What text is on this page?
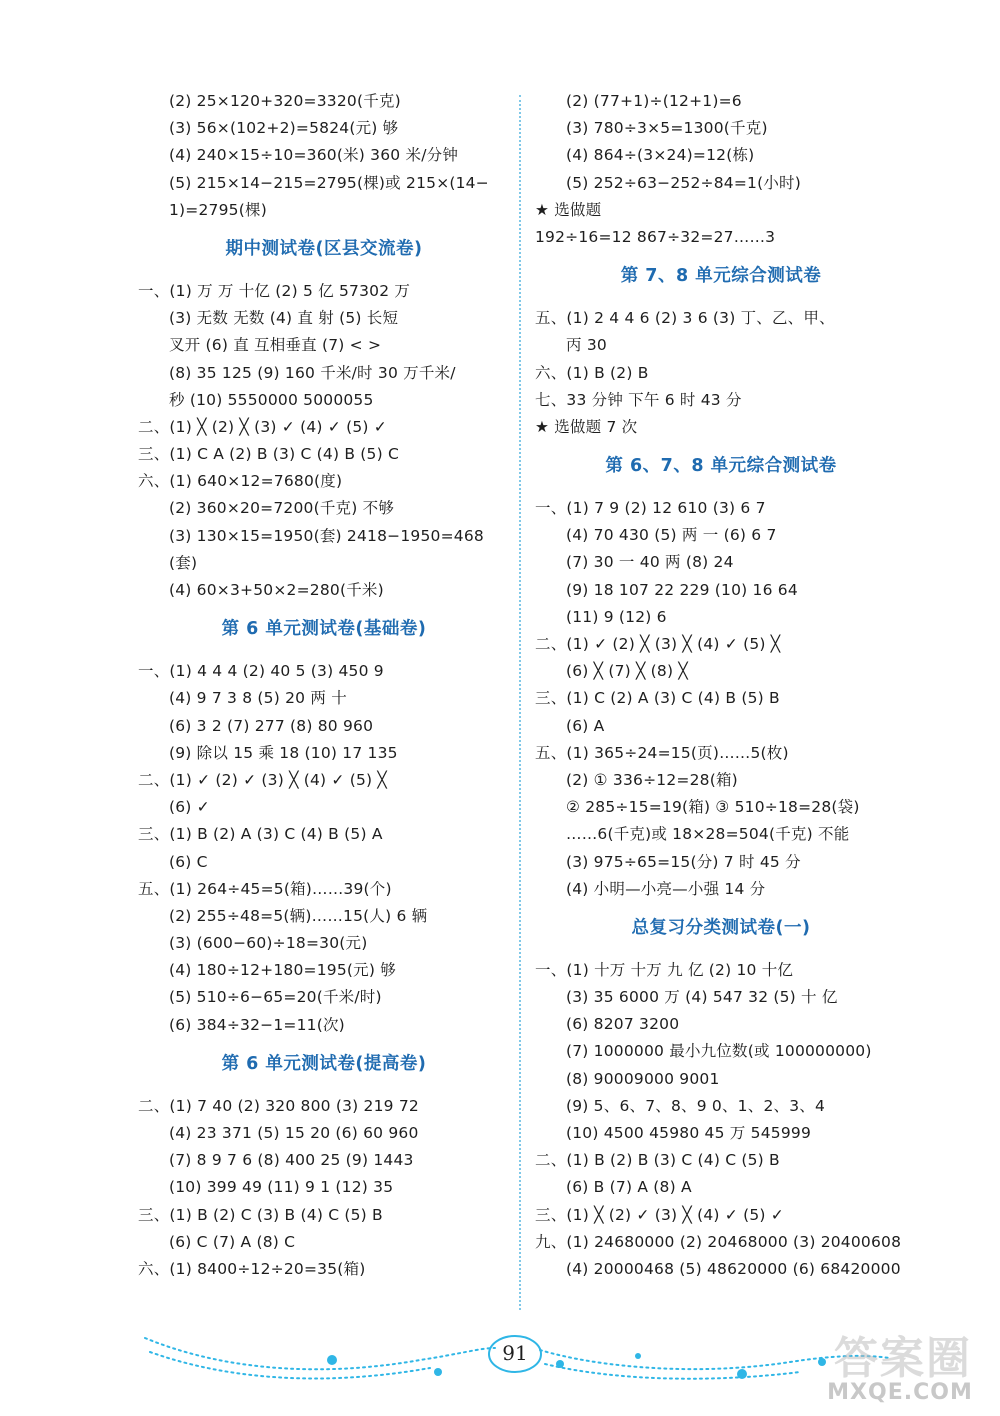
(2) 25×120+320=3320(千克)
(3) 56×(102+2)=5824(元) 够
(4) 240×15÷10=360(米) 360 米/分钟
(5) 215×14−215=2795(棵)或 215×(14−
1)=2795(棵)
期中测试卷(区县交流卷)
一、(1) 万 万 十亿 (2) 5 亿 57302 万
(3) 无数 无数 (4) 直 射 (5) 长短
叉开 (6) 直 互相垂直 (7) < >
(8) 35 125 (9) 160 千米/时 30 万千米/
秒 (10) 5550000 5000055
二、(1) ╳ (2) ╳ (3) ✓ (4) ✓ (5) ✓
三、(1) C A (2) B (3) C (4) B (5) C
六、(1) 640×12=7680(度)
(2) 360×20=7200(千克) 不够
(3) 130×15=1950(套) 2418−1950=468
(套)
(4) 60×3+50×2=280(千米)
第 6 单元测试卷(基础卷)
一、(1) 4 4 4 (2) 40 5 (3) 450 9
(4) 9 7 3 8 (5) 20 两 十
(6) 3 2 (7) 277 (8) 80 960
(9) 除以 15 乘 18 (10) 17 135
二、(1) ✓ (2) ✓ (3) ╳ (4) ✓ (5) ╳
(6) ✓
三、(1) B (2) A (3) C (4) B (5) A
(6) C
五、(1) 264÷45=5(箱)……39(个)
(2) 255÷48=5(辆)……15(人) 6 辆
(3) (600−60)÷18=30(元)
(4) 180÷12+180=195(元) 够
(5) 510÷6−65=20(千米/时)
(6) 384÷32−1=11(次)
第 6 单元测试卷(提高卷)
二、(1) 7 40 (2) 320 800 (3) 219 72
(4) 23 371 (5) 15 20 (6) 60 960
(7) 8 9 7 6 (8) 400 25 (9) 1443
(10) 399 49 (11) 9 1 (12) 35
三、(1) B (2) C (3) B (4) C (5) B
(6) C (7) A (8) C
六、(1) 8400÷12÷20=35(箱)
(2) (77+1)÷(12+1)=6
(3) 780÷3×5=1300(千克)
(4) 864÷(3×24)=12(栋)
(5) 252÷63−252÷84=1(小时)
★ 选做题
192÷16=12 867÷32=27……3
第 7、8 单元综合测试卷
五、(1) 2 4 4 6 (2) 3 6 (3) 丁、乙、甲、
丙 30
六、(1) B (2) B
七、33 分钟 下午 6 时 43 分
★ 选做题 7 次
第 6、7、8 单元综合测试卷
一、(1) 7 9 (2) 12 610 (3) 6 7
(4) 70 430 (5) 两 一 (6) 6 7
(7) 30 一 40 两 (8) 24
(9) 18 107 22 229 (10) 16 64
(11) 9 (12) 6
二、(1) ✓ (2) ╳ (3) ╳ (4) ✓ (5) ╳
(6) ╳ (7) ╳ (8) ╳
三、(1) C (2) A (3) C (4) B (5) B
(6) A
五、(1) 365÷24=15(页)……5(枚)
(2) ① 336÷12=28(箱)
② 285÷15=19(箱) ③ 510÷18=28(袋)
……6(千克)或 18×28=504(千克) 不能
(3) 975÷65=15(分) 7 时 45 分
(4) 小明—小亮—小强 14 分
总复习分类测试卷(一)
一、(1) 十万 十万 九 亿 (2) 10 十亿
(3) 35 6000 万 (4) 547 32 (5) 十 亿
(6) 8207 3200
(7) 1000000 最小九位数(或 100000000)
(8) 90009000 9001
(9) 5、6、7、8、9 0、1、2、3、4
(10) 4500 45980 45 万 545999
二、(1) B (2) B (3) C (4) C (5) B
(6) B (7) A (8) A
三、(1) ╳ (2) ✓ (3) ╳ (4) ✓ (5) ✓
九、(1) 24680000 (2) 20468000 (3) 20400608
(4) 20000468 (5) 48620000 (6) 68420000
91	答案圈
MXQE.COM
